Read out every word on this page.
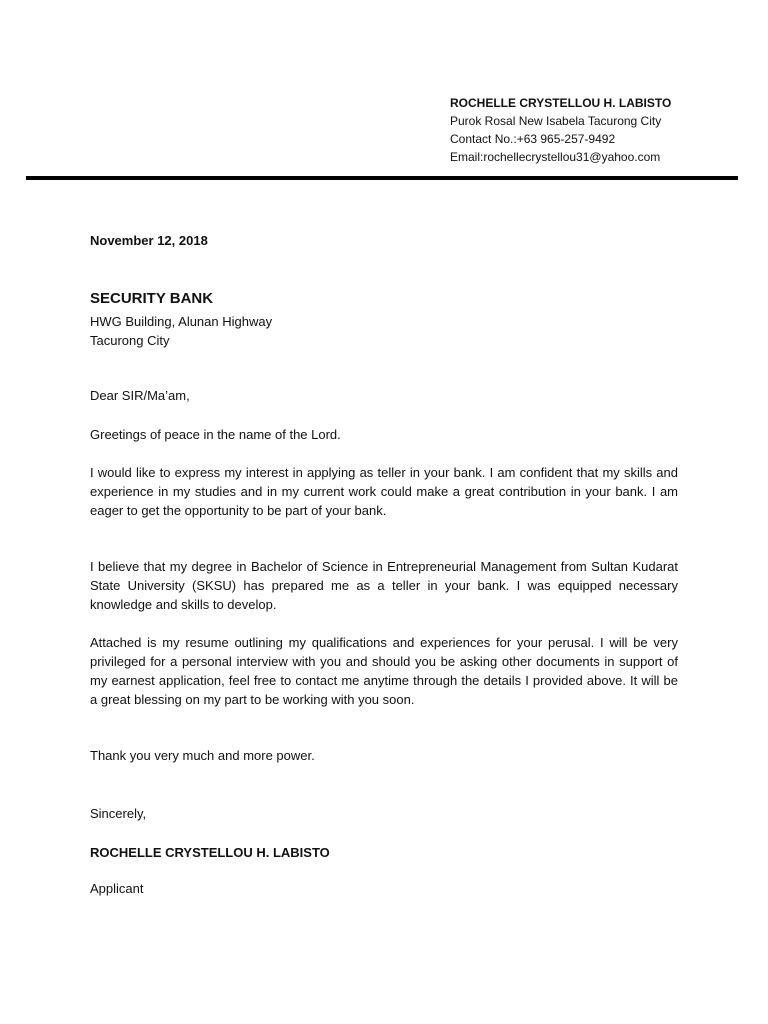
ROCHELLE CRYSTELLOU H. LABISTO
Purok Rosal New Isabela Tacurong City
Contact No.:+63 965-257-9492
Email:rochellecrystellou31@yahoo.com
November 12, 2018
SECURITY BANK
HWG Building, Alunan Highway
Tacurong City

Dear SIR/Ma’am,

Greetings of peace in the name of the Lord.

I would like to express my interest in applying as teller in your bank. I am confident that my skills and experience in my studies and in my current work could make a great contribution in your bank. I am eager to get the opportunity to be part of your bank.

I believe that my degree in Bachelor of Science in Entrepreneurial Management from Sultan Kudarat State University (SKSU) has prepared me as a teller in your bank. I was equipped necessary knowledge and skills to develop.

Attached is my resume outlining my qualifications and experiences for your perusal. I will be very privileged for a personal interview with you and should you be asking other documents in support of my earnest application, feel free to contact me anytime through the details I provided above. It will be a great blessing on my part to be working with you soon.

Thank you very much and more power.

Sincerely,

ROCHELLE CRYSTELLOU H. LABISTO

Applicant
